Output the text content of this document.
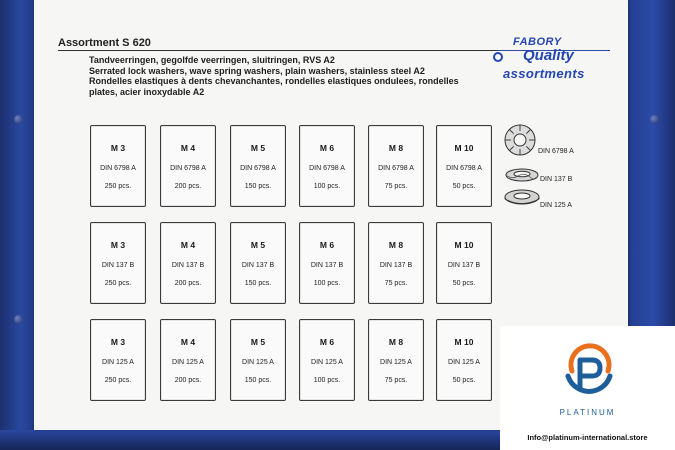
Assortment S 620
Tandveerringen, gegolfde veerringen, sluitringen, RVS A2
Serrated lock washers, wave spring washers, plain washers, stainless steel A2
Rondelles elastiques à dents chevanchantes, rondelles elastiques ondulees, rondelles
plates, acier inoxydable A2
FABORY
Quality
assortments
M 3
DIN 6798 A
250 pcs.
M 4
DIN 6798 A
200 pcs.
M 5
DIN 6798 A
150 pcs.
M 6
DIN 6798 A
100 pcs.
M 8
DIN 6798 A
75 pcs.
M 10
DIN 6798 A
50 pcs.
M 3
DIN 137 B
250 pcs.
M 4
DIN 137 B
200 pcs.
M 5
DIN 137 B
150 pcs.
M 6
DIN 137 B
100 pcs.
M 8
DIN 137 B
75 pcs.
M 10
DIN 137 B
50 pcs.
M 3
DIN 125 A
250 pcs.
M 4
DIN 125 A
200 pcs.
M 5
DIN 125 A
150 pcs.
M 6
DIN 125 A
100 pcs.
M 8
DIN 125 A
75 pcs.
M 10
DIN 125 A
50 pcs.
DIN 6798 A
DIN 137 B
DIN 125 A
PLATINUM
Info@platinum-international.store
